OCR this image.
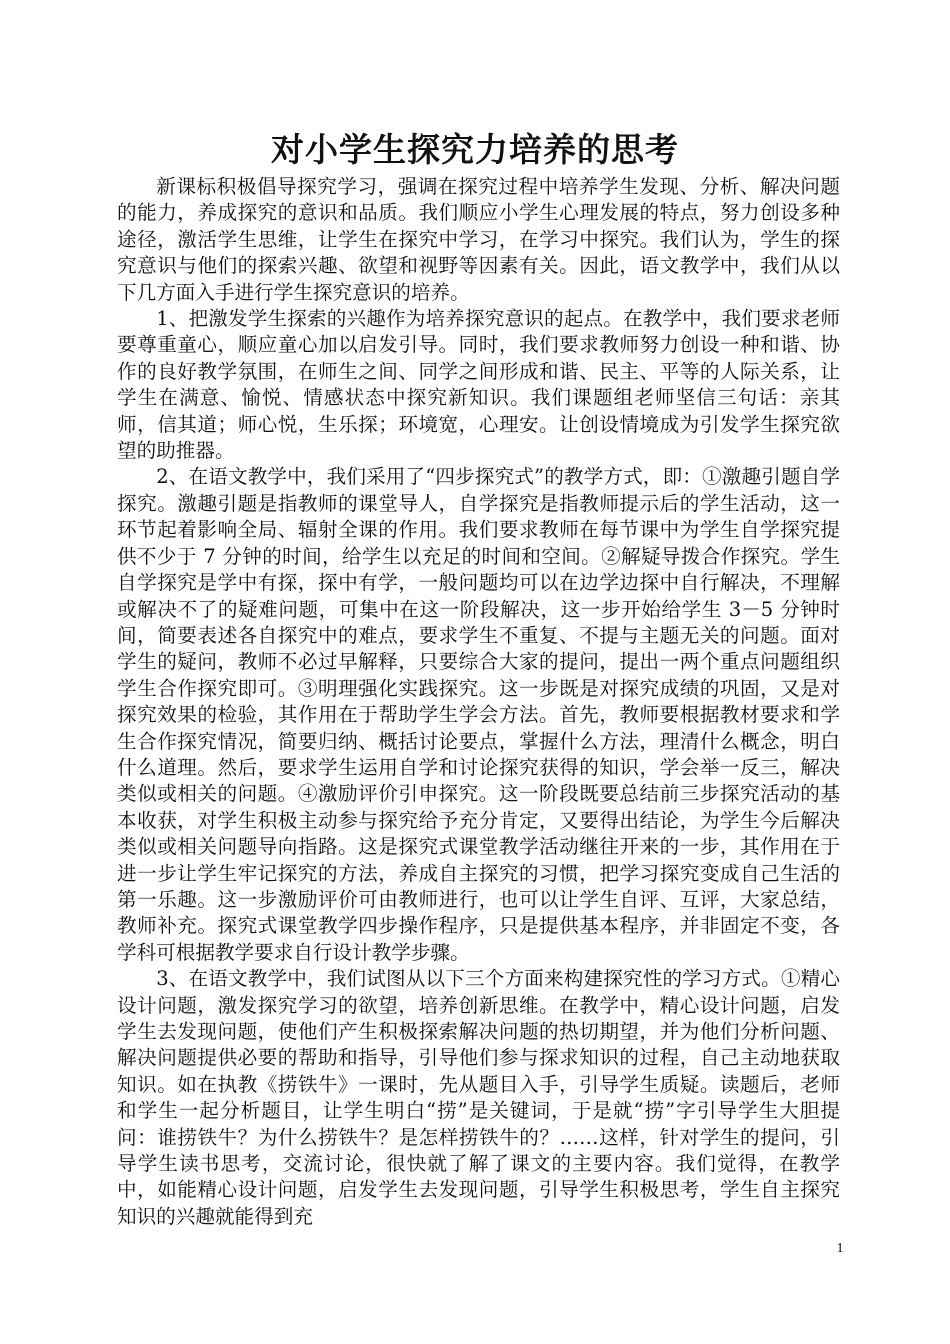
对小学生探究力培养的思考

新课标积极倡导探究学习，强调在探究过程中培养学生发现、分析、解决问题的能力，养成探究的意识和品质。我们顺应小学生心理发展的特点，努力创设多种途径，激活学生思维，让学生在探究中学习，在学习中探究。我们认为，学生的探究意识与他们的探索兴趣、欲望和视野等因素有关。因此，语文教学中，我们从以下几方面入手进行学生探究意识的培养。

1、把激发学生探索的兴趣作为培养探究意识的起点。在教学中，我们要求老师要尊重童心，顺应童心加以启发引导。同时，我们要求教师努力创设一种和谐、协作的良好教学氛围，在师生之间、同学之间形成和谐、民主、平等的人际关系，让学生在满意、愉悦、情感状态中探究新知识。我们课题组老师坚信三句话：亲其师，信其道；师心悦，生乐探；环境宽，心理安。让创设情境成为引发学生探究欲望的助推器。

2、在语文教学中，我们采用了“四步探究式”的教学方式，即：①激趣引题自学探究。激趣引题是指教师的课堂导人，自学探究是指教师提示后的学生活动，这一环节起着影响全局、辐射全课的作用。我们要求教师在每节课中为学生自学探究提供不少于 7 分钟的时间，给学生以充足的时间和空间。②解疑导拨合作探究。学生自学探究是学中有探，探中有学，一般问题均可以在边学边探中自行解决，不理解或解决不了的疑难问题，可集中在这一阶段解决，这一步开始给学生 3－5 分钟时间，简要表述各自探究中的难点，要求学生不重复、不提与主题无关的问题。面对学生的疑问，教师不必过早解释，只要综合大家的提问，提出一两个重点问题组织学生合作探究即可。③明理强化实践探究。这一步既是对探究成绩的巩固，又是对探究效果的检验，其作用在于帮助学生学会方法。首先，教师要根据教材要求和学生合作探究情况，简要归纳、概括讨论要点，掌握什么方法，理清什么概念，明白什么道理。然后，要求学生运用自学和讨论探究获得的知识，学会举一反三，解决类似或相关的问题。④激励评价引申探究。这一阶段既要总结前三步探究活动的基本收获，对学生积极主动参与探究给予充分肯定，又要得出结论，为学生今后解决类似或相关问题导向指路。这是探究式课堂教学活动继往开来的一步，其作用在于进一步让学生牢记探究的方法，养成自主探究的习惯，把学习探究变成自己生活的第一乐趣。这一步激励评价可由教师进行，也可以让学生自评、互评，大家总结，教师补充。探究式课堂教学四步操作程序，只是提供基本程序，并非固定不变，各学科可根据教学要求自行设计教学步骤。

3、在语文教学中，我们试图从以下三个方面来构建探究性的学习方式。①精心设计问题，激发探究学习的欲望，培养创新思维。在教学中，精心设计问题，启发学生去发现问题，使他们产生积极探索解决问题的热切期望，并为他们分析问题、解决问题提供必要的帮助和指导，引导他们参与探求知识的过程，自己主动地获取知识。如在执教《捞铁牛》一课时，先从题目入手，引导学生质疑。读题后，老师和学生一起分析题目，让学生明白“捞”是关键词，于是就“捞”字引导学生大胆提问：谁捞铁牛？为什么捞铁牛？是怎样捞铁牛的？……这样，针对学生的提问，引导学生读书思考，交流讨论，很快就了解了课文的主要内容。我们觉得，在教学中，如能精心设计问题，启发学生去发现问题，引导学生积极思考，学生自主探究知识的兴趣就能得到充

1
